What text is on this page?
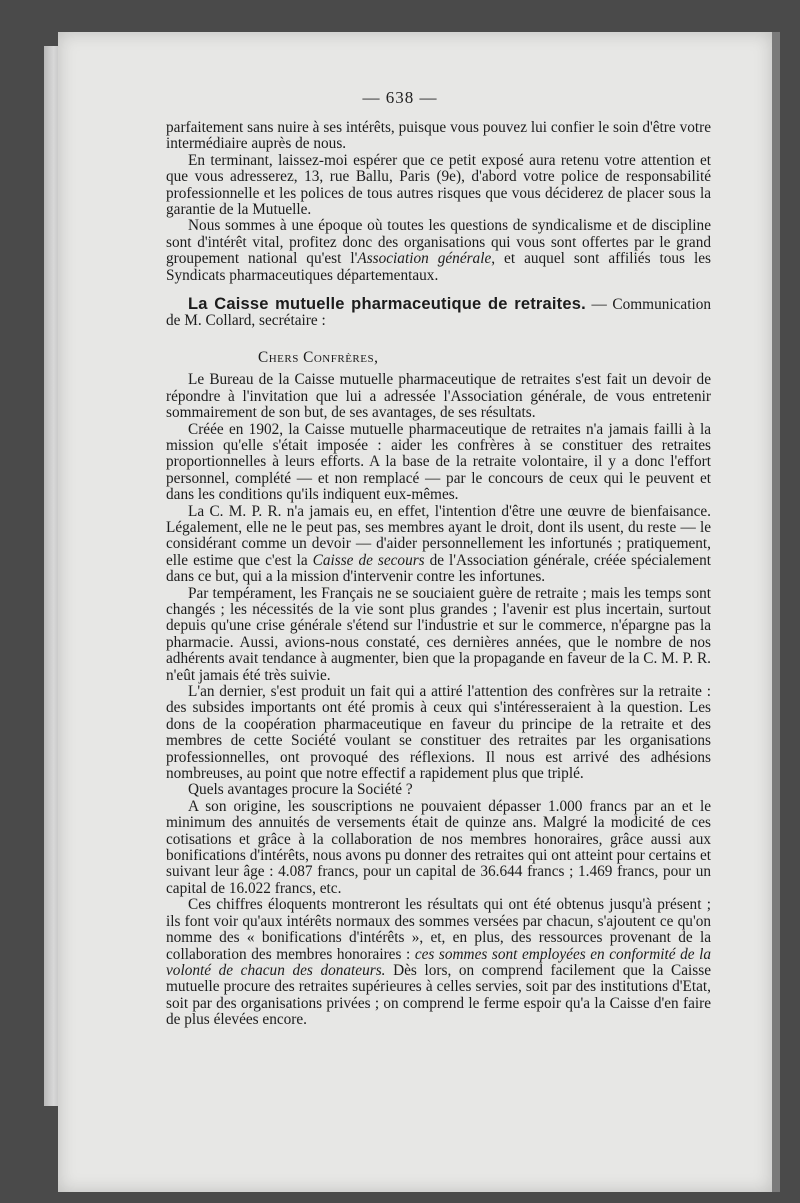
— 638 —

parfaitement sans nuire à ses intérêts, puisque vous pouvez lui confier le soin d'être votre intermédiaire auprès de nous.

En terminant, laissez-moi espérer que ce petit exposé aura retenu votre attention et que vous adresserez, 13, rue Ballu, Paris (9e), d'abord votre police de responsabilité professionnelle et les polices de tous autres risques que vous déciderez de placer sous la garantie de la Mutuelle.

Nous sommes à une époque où toutes les questions de syndicalisme et de discipline sont d'intérêt vital, profitez donc des organisations qui vous sont offertes par le grand groupement national qu'est l'Association générale, et auquel sont affiliés tous les Syndicats pharmaceutiques départementaux.

La Caisse mutuelle pharmaceutique de retraites. — Communication de M. Collard, secrétaire :

Chers Confrères,

Le Bureau de la Caisse mutuelle pharmaceutique de retraites s'est fait un devoir de répondre à l'invitation que lui a adressée l'Association générale, de vous entretenir sommairement de son but, de ses avantages, de ses résultats.

Créée en 1902, la Caisse mutuelle pharmaceutique de retraites n'a jamais failli à la mission qu'elle s'était imposée : aider les confrères à se constituer des retraites proportionnelles à leurs efforts. A la base de la retraite volontaire, il y a donc l'effort personnel, complété — et non remplacé — par le concours de ceux qui le peuvent et dans les conditions qu'ils indiquent eux-mêmes.

La C. M. P. R. n'a jamais eu, en effet, l'intention d'être une œuvre de bienfaisance. Légalement, elle ne le peut pas, ses membres ayant le droit, dont ils usent, du reste — le considérant comme un devoir — d'aider personnellement les infortunés ; pratiquement, elle estime que c'est la Caisse de secours de l'Association générale, créée spécialement dans ce but, qui a la mission d'intervenir contre les infortunes.

Par tempérament, les Français ne se souciaient guère de retraite ; mais les temps sont changés ; les nécessités de la vie sont plus grandes ; l'avenir est plus incertain, surtout depuis qu'une crise générale s'étend sur l'industrie et sur le commerce, n'épargne pas la pharmacie. Aussi, avions-nous constaté, ces dernières années, que le nombre de nos adhérents avait tendance à augmenter, bien que la propagande en faveur de la C. M. P. R. n'eût jamais été très suivie.

L'an dernier, s'est produit un fait qui a attiré l'attention des confrères sur la retraite : des subsides importants ont été promis à ceux qui s'intéresseraient à la question. Les dons de la coopération pharmaceutique en faveur du principe de la retraite et des membres de cette Société voulant se constituer des retraites par les organisations professionnelles, ont provoqué des réflexions. Il nous est arrivé des adhésions nombreuses, au point que notre effectif a rapidement plus que triplé.

Quels avantages procure la Société ?

A son origine, les souscriptions ne pouvaient dépasser 1.000 francs par an et le minimum des annuités de versements était de quinze ans. Malgré la modicité de ces cotisations et grâce à la collaboration de nos membres honoraires, grâce aussi aux bonifications d'intérêts, nous avons pu donner des retraites qui ont atteint pour certains et suivant leur âge : 4.087 francs, pour un capital de 36.644 francs ; 1.469 francs, pour un capital de 16.022 francs, etc.

Ces chiffres éloquents montreront les résultats qui ont été obtenus jusqu'à présent ; ils font voir qu'aux intérêts normaux des sommes versées par chacun, s'ajoutent ce qu'on nomme des « bonifications d'intérêts », et, en plus, des ressources provenant de la collaboration des membres honoraires : ces sommes sont employées en conformité de la volonté de chacun des donateurs. Dès lors, on comprend facilement que la Caisse mutuelle procure des retraites supérieures à celles servies, soit par des institutions d'Etat, soit par des organisations privées ; on comprend le ferme espoir qu'a la Caisse d'en faire de plus élevées encore.
